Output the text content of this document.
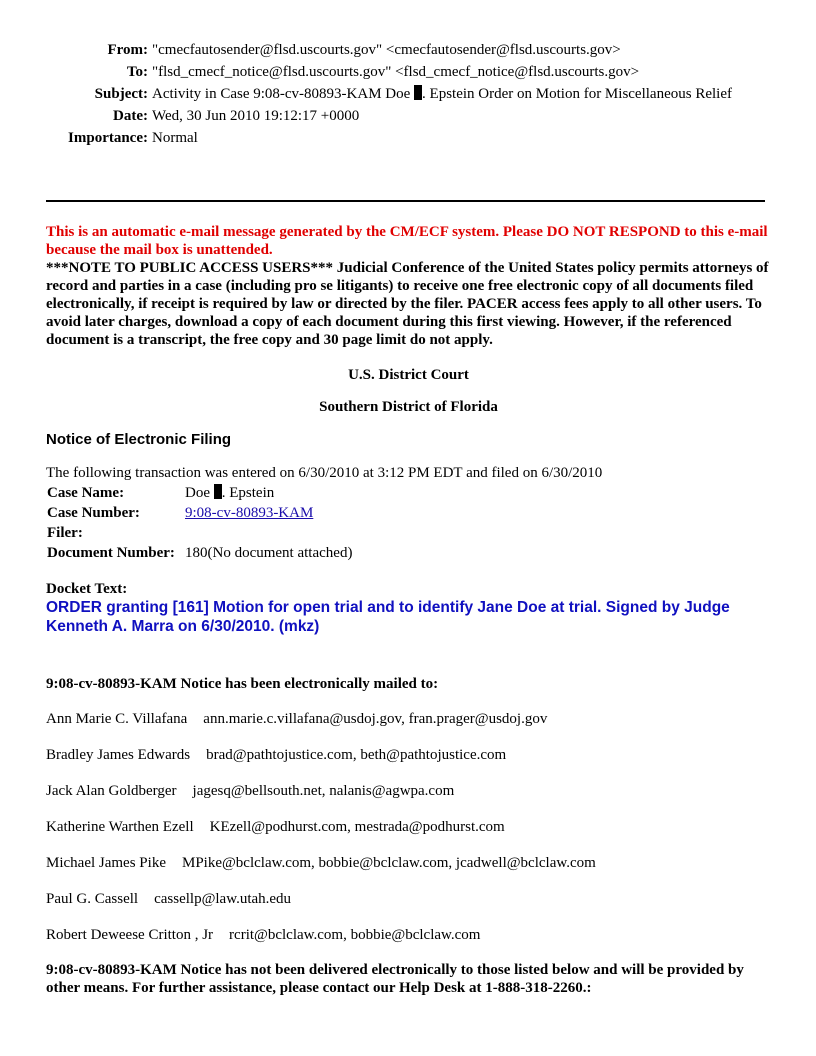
From: "cmecfautosender@flsd.uscourts.gov" <cmecfautosender@flsd.uscourts.gov>
To: "flsd_cmecf_notice@flsd.uscourts.gov" <flsd_cmecf_notice@flsd.uscourts.gov>
Subject: Activity in Case 9:08-cv-80893-KAM Doe . Epstein Order on Motion for Miscellaneous Relief
Date: Wed, 30 Jun 2010 19:12:17 +0000
Importance: Normal
This is an automatic e-mail message generated by the CM/ECF system. Please DO NOT RESPOND to this e-mail because the mail box is unattended.
***NOTE TO PUBLIC ACCESS USERS*** Judicial Conference of the United States policy permits attorneys of record and parties in a case (including pro se litigants) to receive one free electronic copy of all documents filed electronically, if receipt is required by law or directed by the filer. PACER access fees apply to all other users. To avoid later charges, download a copy of each document during this first viewing. However, if the referenced document is a transcript, the free copy and 30 page limit do not apply.
U.S. District Court
Southern District of Florida
Notice of Electronic Filing
The following transaction was entered on 6/30/2010 at 3:12 PM EDT and filed on 6/30/2010
Case Name:	Doe . Epstein
Case Number:	9:08-cv-80893-KAM
Filer:	
Document Number:	180(No document attached)
Docket Text:
ORDER granting [161] Motion for open trial and to identify Jane Doe at trial. Signed by Judge Kenneth A. Marra on 6/30/2010. (mkz)
9:08-cv-80893-KAM Notice has been electronically mailed to:
Ann Marie C. Villafana ann.marie.c.villafana@usdoj.gov, fran.prager@usdoj.gov
Bradley James Edwards brad@pathtojustice.com, beth@pathtojustice.com
Jack Alan Goldberger jagesq@bellsouth.net, nalanis@agwpa.com
Katherine Warthen Ezell KEzell@podhurst.com, mestrada@podhurst.com
Michael James Pike MPike@bclclaw.com, bobbie@bclclaw.com, jcadwell@bclclaw.com
Paul G. Cassell cassellp@law.utah.edu
Robert Deweese Critton , Jr rcrit@bclclaw.com, bobbie@bclclaw.com
9:08-cv-80893-KAM Notice has not been delivered electronically to those listed below and will be provided by other means. For further assistance, please contact our Help Desk at 1-888-318-2260.:
